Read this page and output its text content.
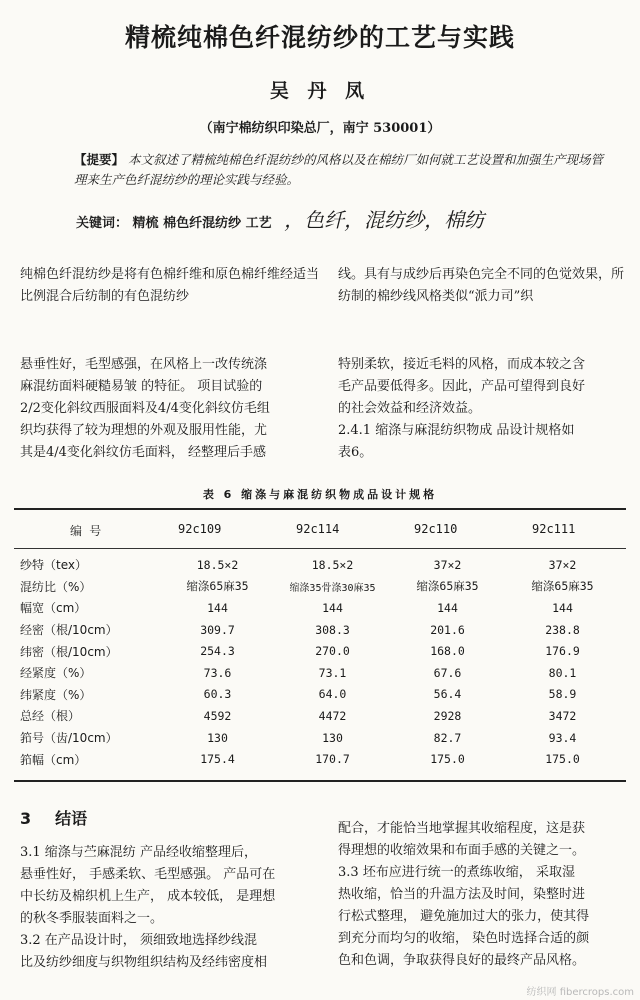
精梳纯棉色纤混纺纱的工艺与实践
吴 丹 凤
（南宁棉纺织印染总厂，南宁 530001）
【提要】 本文叙述了精梳纯棉色纤混纺纱的风格以及在棉纺厂如何就工艺设置和加强生产现场管理来生产色纤混纺纱的理论实践与经验。
关键词： 精梳 棉色纤混纺纱 工艺 ，色纤，混纺纱，棉纺
纯棉色纤混纺纱是将有色棉纤维和原色棉纤维经适当比例混合后纺制的有色混纺纱
线。具有与成纱后再染色完全不同的色觉效果，所纺制的棉纱线风格类似“派力司”织

悬垂性好，毛型感强，在风格上一改传统涤

麻混纺面料硬糙易皱 的特征。 项目试验的

2/2变化斜纹西服面料及4/4变化斜纹仿毛组

织均获得了较为理想的外观及服用性能，尤

其是4/4变化斜纹仿毛面料， 经整理后手感

特别柔软，接近毛料的风格，而成本较之含

毛产品要低得多。因此，产品可望得到良好

的社会效益和经济效益。

2.4.1 缩涤与麻混纺织物成 品设计规格如

表6。

表 6 缩涤与麻混纺织物成品设计规格
编 号	92c109	92c114	92c110	92c111
纱特（tex）	18.5×2	18.5×2	37×2	37×2
混纺比（%）	缩涤65麻35	缩涤35骨涤30麻35	缩涤65麻35	缩涤65麻35
幅宽（cm）	144	144	144	144
经密（根/10cm）	309.7	308.3	201.6	238.8
纬密（根/10cm）	254.3	270.0	168.0	176.9
经紧度（%）	73.6	73.1	67.6	80.1
纬紧度（%）	60.3	64.0	56.4	58.9
总经（根）	4592	4472	2928	3472
筘号（齿/10cm）	130	130	82.7	93.4
筘幅（cm）	175.4	170.7	175.0	175.0
3 结语

3.1 缩涤与苎麻混纺 产品经收缩整理后，

悬垂性好， 手感柔软、毛型感强。 产品可在

中长纺及棉织机上生产， 成本较低， 是理想

的秋冬季服装面料之一。

3.2 在产品设计时， 须细致地选择纱线混

比及纺纱细度与织物组织结构及经纬密度相

配合，才能恰当地掌握其收缩程度，这是获

得理想的收缩效果和布面手感的关键之一。

3.3 坯布应进行统一的煮练收缩， 采取湿

热收缩，恰当的升温方法及时间，染整时进

行松式整理， 避免施加过大的张力，使其得

到充分而均匀的收缩， 染色时选择合适的颜

色和色调，争取获得良好的最终产品风格。

纺织网 fibercrops.com
